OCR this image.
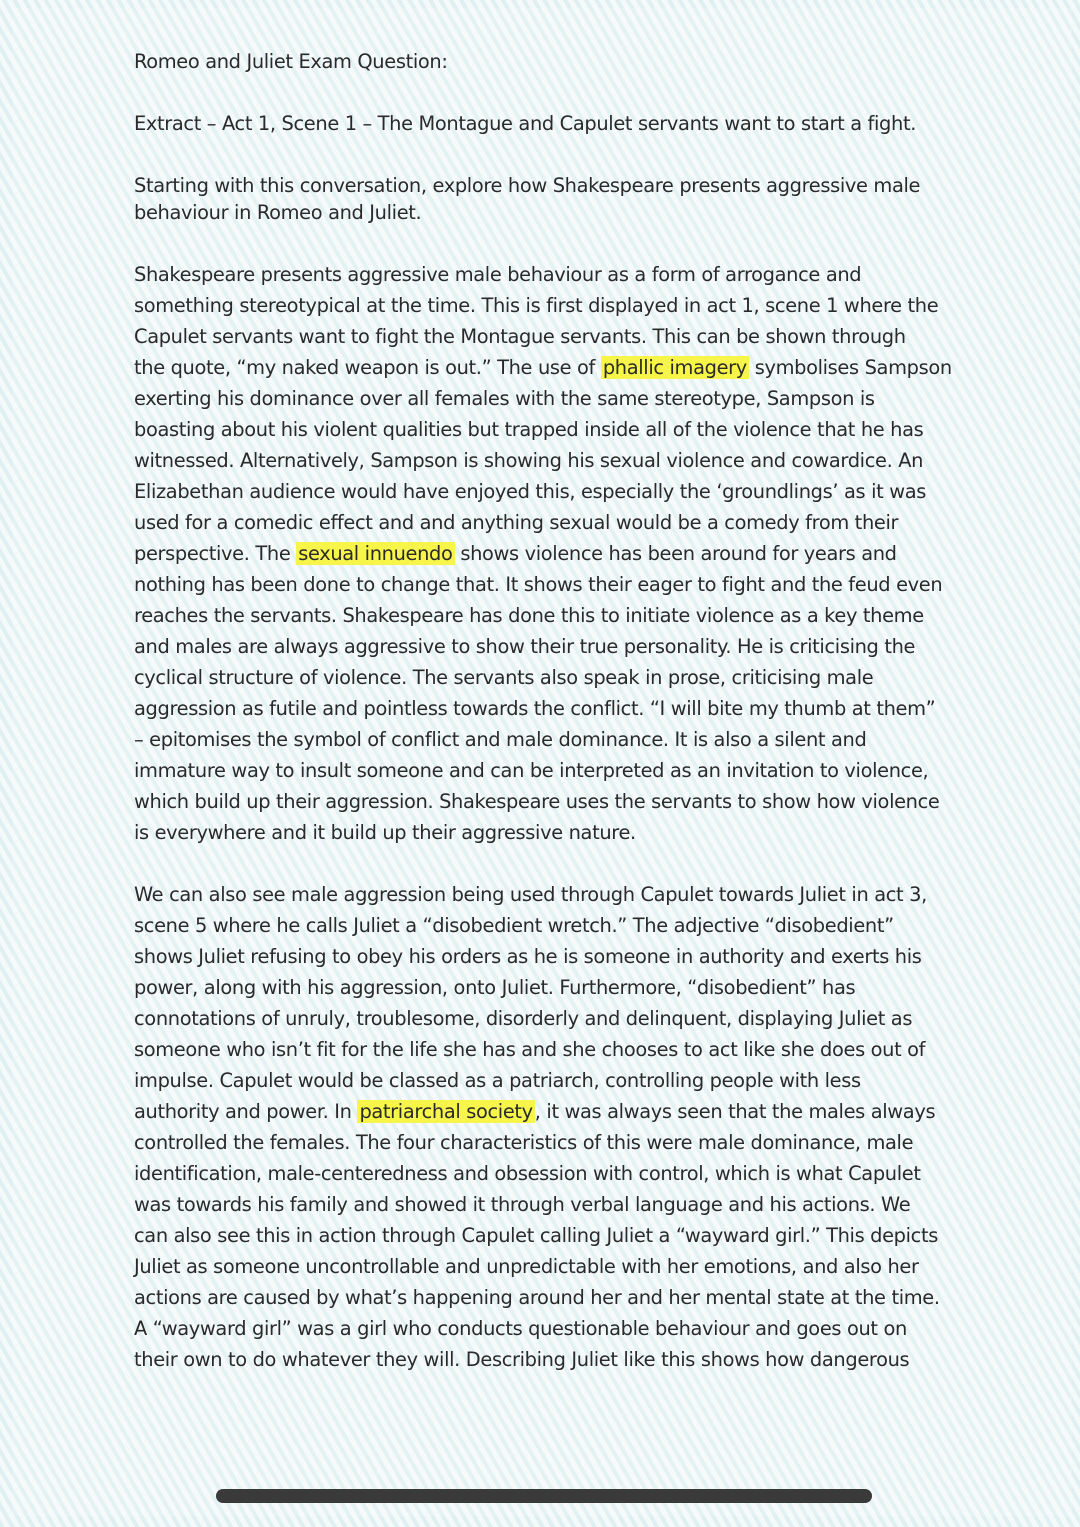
Romeo and Juliet Exam Question:
Extract – Act 1, Scene 1 – The Montague and Capulet servants want to start a fight.
Starting with this conversation, explore how Shakespeare presents aggressive male
behaviour in Romeo and Juliet.
Shakespeare presents aggressive male behaviour as a form of arrogance and
something stereotypical at the time. This is first displayed in act 1, scene 1 where the
Capulet servants want to fight the Montague servants. This can be shown through
the quote, “my naked weapon is out.” The use of phallic imagery symbolises Sampson
exerting his dominance over all females with the same stereotype, Sampson is
boasting about his violent qualities but trapped inside all of the violence that he has
witnessed. Alternatively, Sampson is showing his sexual violence and cowardice. An
Elizabethan audience would have enjoyed this, especially the ‘groundlings’ as it was
used for a comedic effect and and anything sexual would be a comedy from their
perspective. The sexual innuendo shows violence has been around for years and
nothing has been done to change that. It shows their eager to fight and the feud even
reaches the servants. Shakespeare has done this to initiate violence as a key theme
and males are always aggressive to show their true personality. He is criticising the
cyclical structure of violence. The servants also speak in prose, criticising male
aggression as futile and pointless towards the conflict. “I will bite my thumb at them”
– epitomises the symbol of conflict and male dominance. It is also a silent and
immature way to insult someone and can be interpreted as an invitation to violence,
which build up their aggression. Shakespeare uses the servants to show how violence
is everywhere and it build up their aggressive nature.
We can also see male aggression being used through Capulet towards Juliet in act 3,
scene 5 where he calls Juliet a “disobedient wretch.” The adjective “disobedient”
shows Juliet refusing to obey his orders as he is someone in authority and exerts his
power, along with his aggression, onto Juliet. Furthermore, “disobedient” has
connotations of unruly, troublesome, disorderly and delinquent, displaying Juliet as
someone who isn’t fit for the life she has and she chooses to act like she does out of
impulse. Capulet would be classed as a patriarch, controlling people with less
authority and power. In patriarchal society , it was always seen that the males always
controlled the females. The four characteristics of this were male dominance, male
identification, male-centeredness and obsession with control, which is what Capulet
was towards his family and showed it through verbal language and his actions. We
can also see this in action through Capulet calling Juliet a “wayward girl.” This depicts
Juliet as someone uncontrollable and unpredictable with her emotions, and also her
actions are caused by what’s happening around her and her mental state at the time.
A “wayward girl” was a girl who conducts questionable behaviour and goes out on
their own to do whatever they will. Describing Juliet like this shows how dangerous
